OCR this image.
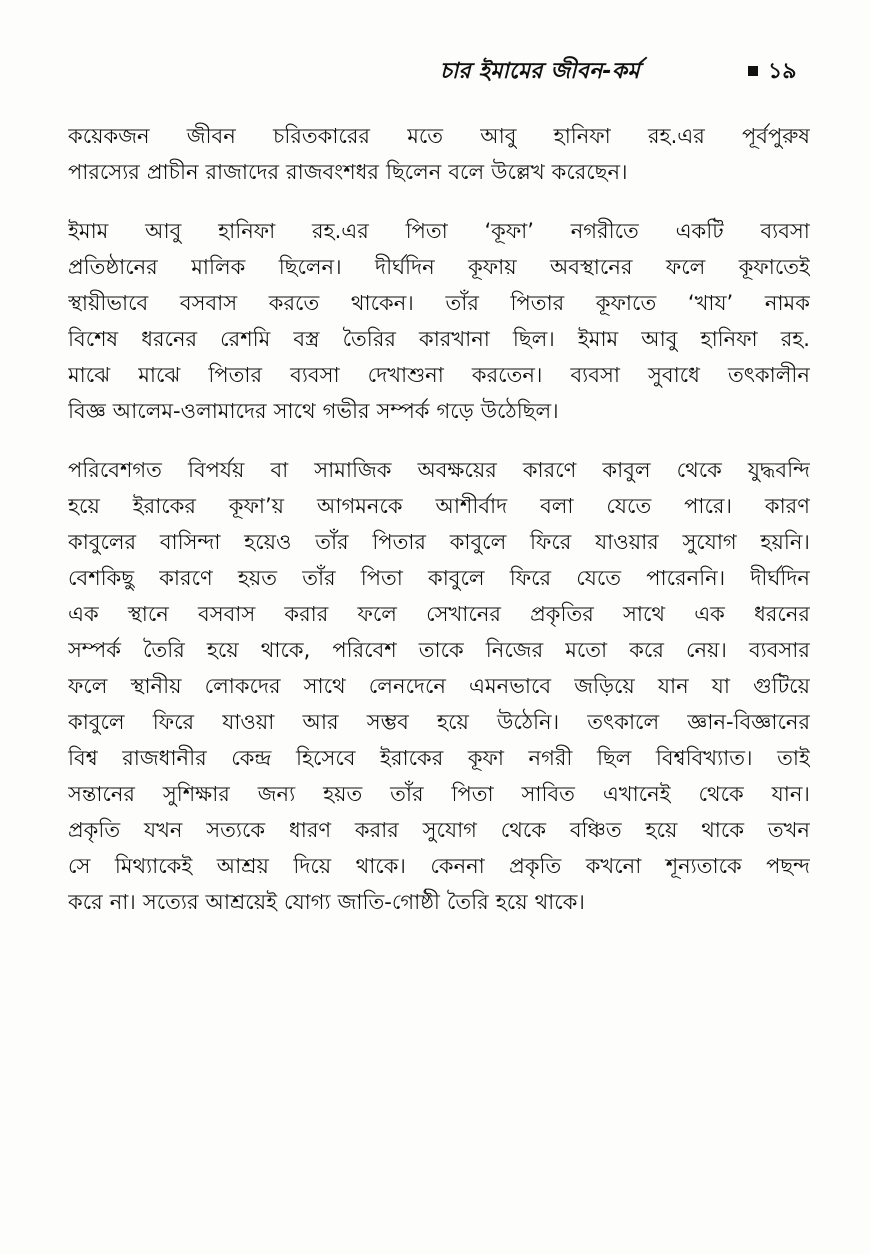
চার ইমামের জীবন-কর্ম	১৯
কয়েকজন জীবন চরিতকারের মতে আবু হানিফা রহ.এর পূর্বপুরুষ
পারস্যের প্রাচীন রাজাদের রাজবংশধর ছিলেন বলে উল্লেখ করেছেন।
ইমাম আবু হানিফা রহ.এর পিতা ‘কূফা’ নগরীতে একটি ব্যবসা
প্রতিষ্ঠানের মালিক ছিলেন। দীর্ঘদিন কূফায় অবস্থানের ফলে কূফাতেই
স্থায়ীভাবে বসবাস করতে থাকেন। তাঁর পিতার কূফাতে ‘খায’ নামক
বিশেষ ধরনের রেশমি বস্ত্র তৈরির কারখানা ছিল। ইমাম আবু হানিফা রহ.
মাঝে মাঝে পিতার ব্যবসা দেখাশুনা করতেন। ব্যবসা সুবাধে তৎকালীন
বিজ্ঞ আলেম-ওলামাদের সাথে গভীর সম্পর্ক গড়ে উঠেছিল।
পরিবেশগত বিপর্যয় বা সামাজিক অবক্ষয়ের কারণে কাবুল থেকে যুদ্ধবন্দি
হয়ে ইরাকের কূফা’য় আগমনকে আশীর্বাদ বলা যেতে পারে। কারণ
কাবুলের বাসিন্দা হয়েও তাঁর পিতার কাবুলে ফিরে যাওয়ার সুযোগ হয়নি।
বেশকিছু কারণে হয়ত তাঁর পিতা কাবুলে ফিরে যেতে পারেননি। দীর্ঘদিন
এক স্থানে বসবাস করার ফলে সেখানের প্রকৃতির সাথে এক ধরনের
সম্পর্ক তৈরি হয়ে থাকে, পরিবেশ তাকে নিজের মতো করে নেয়। ব্যবসার
ফলে স্থানীয় লোকদের সাথে লেনদেনে এমনভাবে জড়িয়ে যান যা গুটিয়ে
কাবুলে ফিরে যাওয়া আর সম্ভব হয়ে উঠেনি। তৎকালে জ্ঞান-বিজ্ঞানের
বিশ্ব রাজধানীর কেন্দ্র হিসেবে ইরাকের কূফা নগরী ছিল বিশ্ববিখ্যাত। তাই
সন্তানের সুশিক্ষার জন্য হয়ত তাঁর পিতা সাবিত এখানেই থেকে যান।
প্রকৃতি যখন সত্যকে ধারণ করার সুযোগ থেকে বঞ্চিত হয়ে থাকে তখন
সে মিথ্যাকেই আশ্রয় দিয়ে থাকে। কেননা প্রকৃতি কখনো শূন্যতাকে পছন্দ
করে না। সত্যের আশ্রয়েই যোগ্য জাতি-গোষ্ঠী তৈরি হয়ে থাকে।
